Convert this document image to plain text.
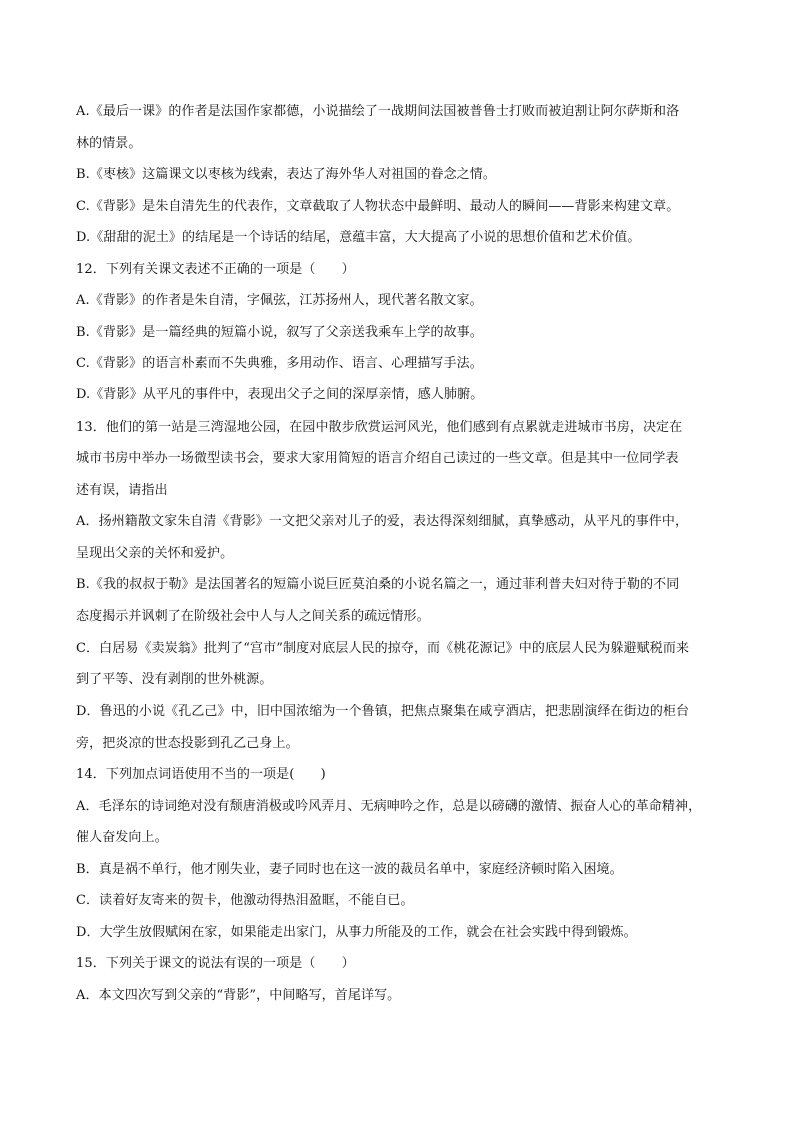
A.《最后一课》的作者是法国作家都德，小说描绘了一战期间法国被普鲁士打败而被迫割让阿尔萨斯和洛
林的情景。
B.《枣核》这篇课文以枣核为线索，表达了海外华人对祖国的眷念之情。
C.《背影》是朱自清先生的代表作，文章截取了人物状态中最鲜明、最动人的瞬间——背影来构建文章。
D.《甜甜的泥土》的结尾是一个诗话的结尾，意蕴丰富，大大提高了小说的思想价值和艺术价值。
12．下列有关课文表述不正确的一项是（　　）
A.《背影》的作者是朱自清，字佩弦，江苏扬州人，现代著名散文家。
B.《背影》是一篇经典的短篇小说，叙写了父亲送我乘车上学的故事。
C.《背影》的语言朴素而不失典雅，多用动作、语言、心理描写手法。
D.《背影》从平凡的事件中，表现出父子之间的深厚亲情，感人肺腑。
13．他们的第一站是三湾湿地公园，在园中散步欣赏运河风光，他们感到有点累就走进城市书房，决定在
城市书房中举办一场微型读书会，要求大家用简短的语言介绍自己读过的一些文章。但是其中一位同学表
述有误，请指出
A．扬州籍散文家朱自清《背影》一文把父亲对儿子的爱，表达得深刻细腻，真挚感动，从平凡的事件中，
呈现出父亲的关怀和爱护。
B.《我的叔叔于勒》是法国著名的短篇小说巨匠莫泊桑的小说名篇之一，通过菲利普夫妇对待于勒的不同
态度揭示并讽刺了在阶级社会中人与人之间关系的疏远情形。
C．白居易《卖炭翁》批判了“宫市”制度对底层人民的掠夺，而《桃花源记》中的底层人民为躲避赋税而来
到了平等、没有剥削的世外桃源。
D．鲁迅的小说《孔乙己》中，旧中国浓缩为一个鲁镇，把焦点聚集在咸亨酒店，把悲剧演绎在街边的柜台
旁，把炎凉的世态投影到孔乙己身上。
14．下列加点词语使用不当的一项是(　　)
A．毛泽东的诗词绝对没有颓唐消极或吟风弄月、无病呻吟之作，总是以磅礴的激情、振奋人心的革命精神，
催人奋发向上。
B．真是祸不单行，他才刚失业，妻子同时也在这一波的裁员名单中，家庭经济顿时陷入困境。
C．读着好友寄来的贺卡，他激动得热泪盈眶，不能自已。
D．大学生放假赋闲在家，如果能走出家门，从事力所能及的工作，就会在社会实践中得到锻炼。
15．下列关于课文的说法有误的一项是（　　）
A．本文四次写到父亲的“背影”，中间略写，首尾详写。
